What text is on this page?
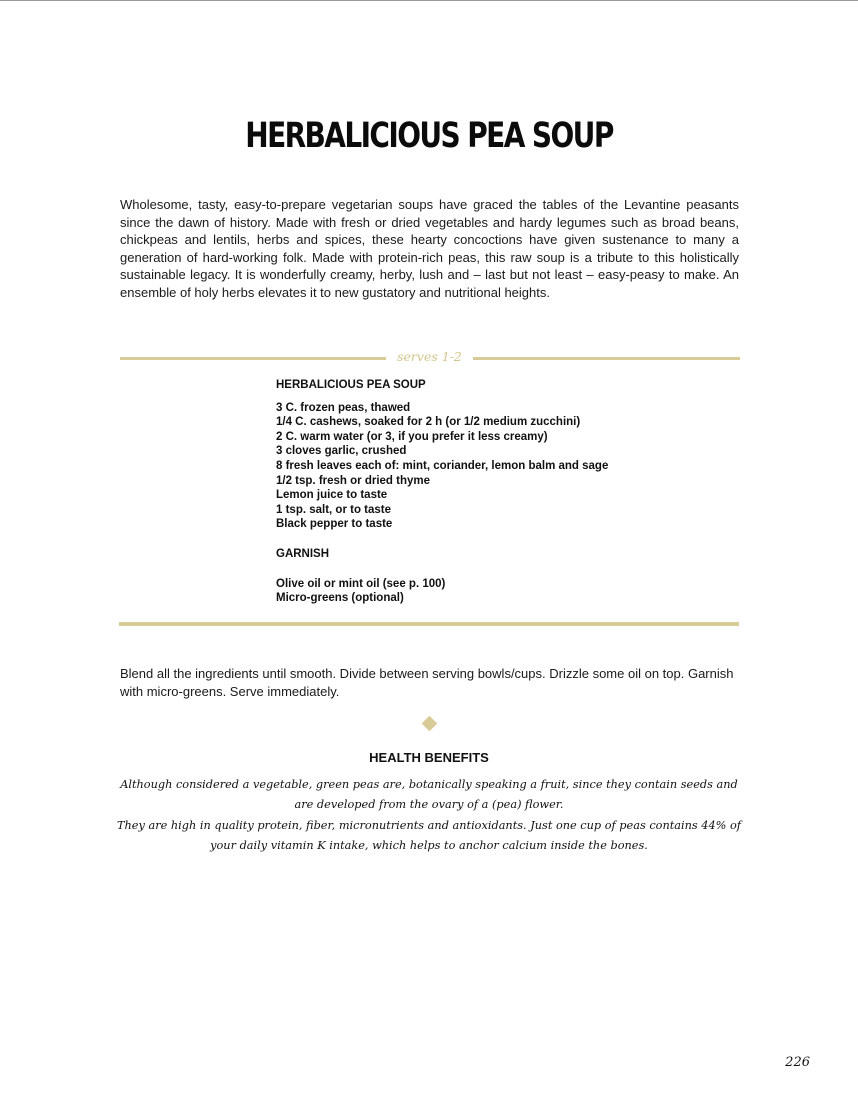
HERBALICIOUS PEA SOUP

Wholesome, tasty, easy-to-prepare vegetarian soups have graced the tables of the Levantine peasants since the dawn of history. Made with fresh or dried vegetables and hardy legumes such as broad beans, chickpeas and lentils, herbs and spices, these hearty concoctions have given sustenance to many a generation of hard-working folk. Made with protein-rich peas, this raw soup is a tribute to this holistically sustainable legacy. It is wonderfully creamy, herby, lush and – last but not least – easy-peasy to make. An ensemble of holy herbs elevates it to new gustatory and nutritional heights.

serves 1-2
HERBALICIOUS PEA SOUP
3 C. frozen peas, thawed
1/4 C. cashews, soaked for 2 h (or 1/2 medium zucchini)
2 C. warm water (or 3, if you prefer it less creamy)
3 cloves garlic, crushed
8 fresh leaves each of: mint, coriander, lemon balm and sage
1/2 tsp. fresh or dried thyme
Lemon juice to taste
1 tsp. salt, or to taste
Black pepper to taste
GARNISH
Olive oil or mint oil (see p. 100)
Micro-greens (optional)

Blend all the ingredients until smooth. Divide between serving bowls/cups. Drizzle some oil on top. Garnish with micro-greens. Serve immediately.

HEALTH BENEFITS
Although considered a vegetable, green peas are, botanically speaking a fruit, since they contain seeds and are developed from the ovary of a (pea) flower.
They are high in quality protein, fiber, micronutrients and antioxidants. Just one cup of peas contains 44% of your daily vitamin K intake, which helps to anchor calcium inside the bones.
226
